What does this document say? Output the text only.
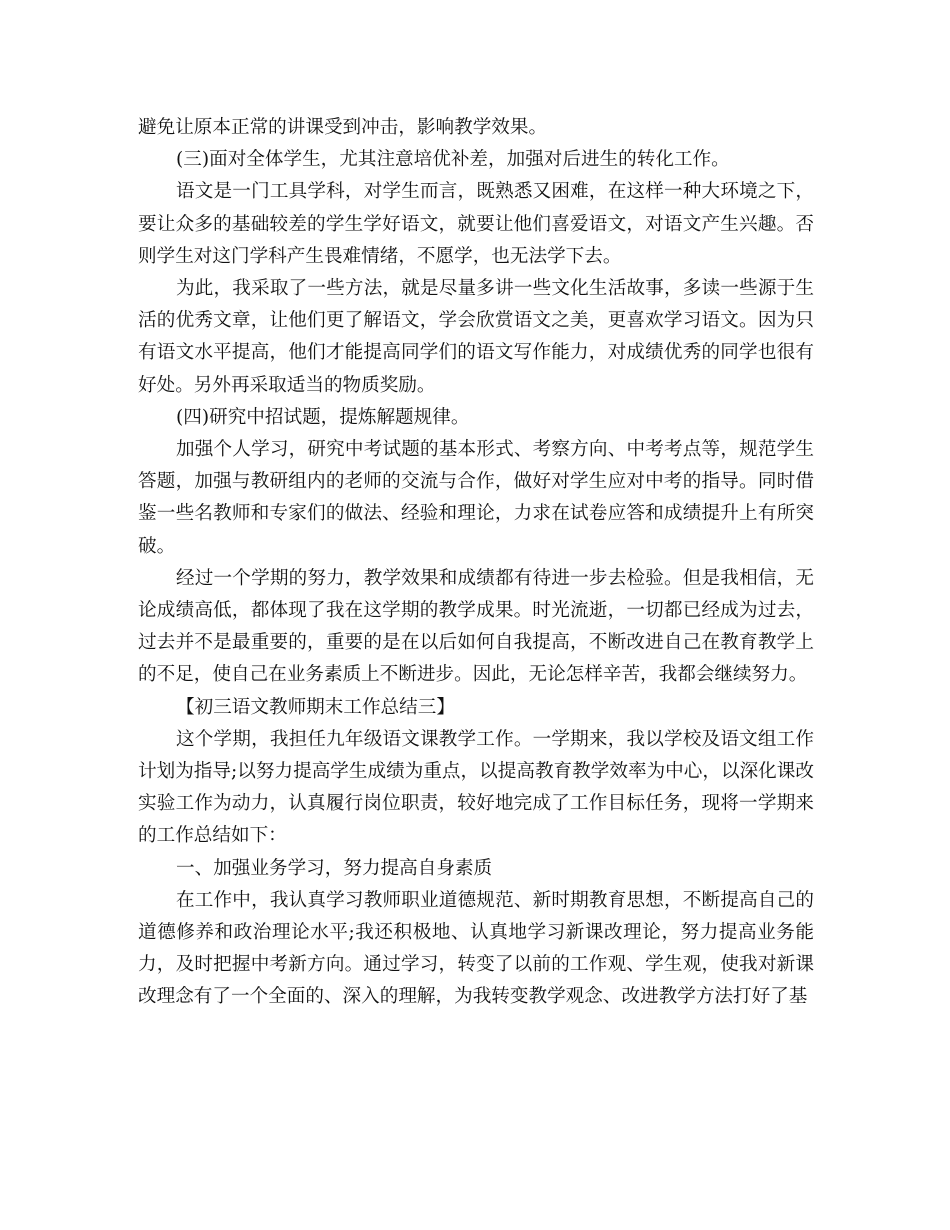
避免让原本正常的讲课受到冲击，影响教学效果。

(三)面对全体学生，尤其注意培优补差，加强对后进生的转化工作。

语文是一门工具学科，对学生而言，既熟悉又困难，在这样一种大环境之下，要让众多的基础较差的学生学好语文，就要让他们喜爱语文，对语文产生兴趣。否则学生对这门学科产生畏难情绪，不愿学，也无法学下去。

为此，我采取了一些方法，就是尽量多讲一些文化生活故事，多读一些源于生活的优秀文章，让他们更了解语文，学会欣赏语文之美，更喜欢学习语文。因为只有语文水平提高，他们才能提高同学们的语文写作能力，对成绩优秀的同学也很有好处。另外再采取适当的物质奖励。

(四)研究中招试题，提炼解题规律。

加强个人学习，研究中考试题的基本形式、考察方向、中考考点等，规范学生答题，加强与教研组内的老师的交流与合作，做好对学生应对中考的指导。同时借鉴一些名教师和专家们的做法、经验和理论，力求在试卷应答和成绩提升上有所突破。

经过一个学期的努力，教学效果和成绩都有待进一步去检验。但是我相信，无论成绩高低，都体现了我在这学期的教学成果。时光流逝，一切都已经成为过去，过去并不是最重要的，重要的是在以后如何自我提高，不断改进自己在教育教学上的不足，使自己在业务素质上不断进步。因此，无论怎样辛苦，我都会继续努力。

【初三语文教师期末工作总结三】

这个学期，我担任九年级语文课教学工作。一学期来，我以学校及语文组工作计划为指导;以努力提高学生成绩为重点，以提高教育教学效率为中心，以深化课改实验工作为动力，认真履行岗位职责，较好地完成了工作目标任务，现将一学期来的工作总结如下：

一、加强业务学习，努力提高自身素质

在工作中，我认真学习教师职业道德规范、新时期教育思想，不断提高自己的道德修养和政治理论水平;我还积极地、认真地学习新课改理论，努力提高业务能力，及时把握中考新方向。通过学习，转变了以前的工作观、学生观，使我对新课改理念有了一个全面的、深入的理解，为我转变教学观念、改进教学方法打好了基
